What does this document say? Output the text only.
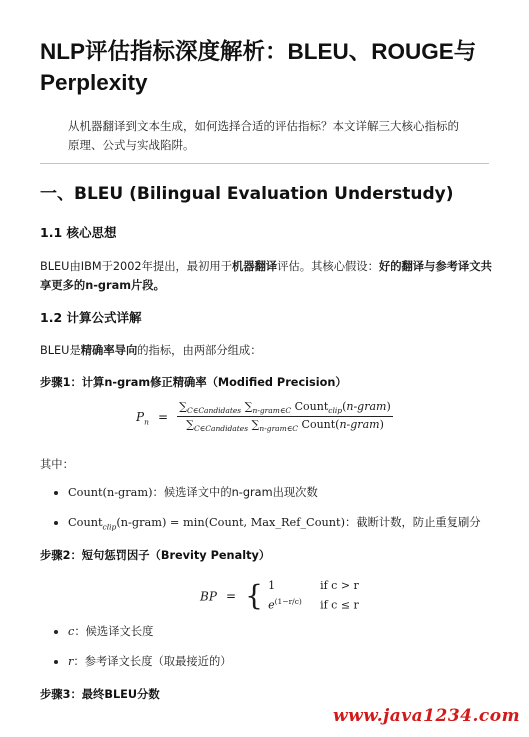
NLP评估指标深度解析：BLEU、ROUGE与Perplexity
从机器翻译到文本生成，如何选择合适的评估指标？本文详解三大核心指标的原理、公式与实战陷阱。
一、BLEU (Bilingual Evaluation Understudy)
1.1 核心思想
BLEU由IBM于2002年提出，最初用于机器翻译评估。其核心假设：好的翻译与参考译文共享更多的n-gram片段。
1.2 计算公式详解
BLEU是精确率导向的指标，由两部分组成：
步骤1：计算n-gram修正精确率（Modified Precision）
$P_n = \frac{\sum_{C\in Candidates} \sum_{n-gram\in C} Count_{clip}(n-gram)}{\sum_{C\in Candidates} \sum_{n-gram\in C} Count(n-gram)}$
其中：
Count(n-gram)：候选译文中的n-gram出现次数
Count$_{clip}$(n-gram) = min(Count, Max_Ref_Count)：截断计数，防止重复刷分
步骤2：短句惩罚因子（Brevity Penalty）
BP = { 1	if c > r
$e^{(1-r/c)}$ if c ≤ r
c：候选译文长度
r：参考译文长度（取最接近的）
步骤3：最终BLEU分数
www.java1234.com
